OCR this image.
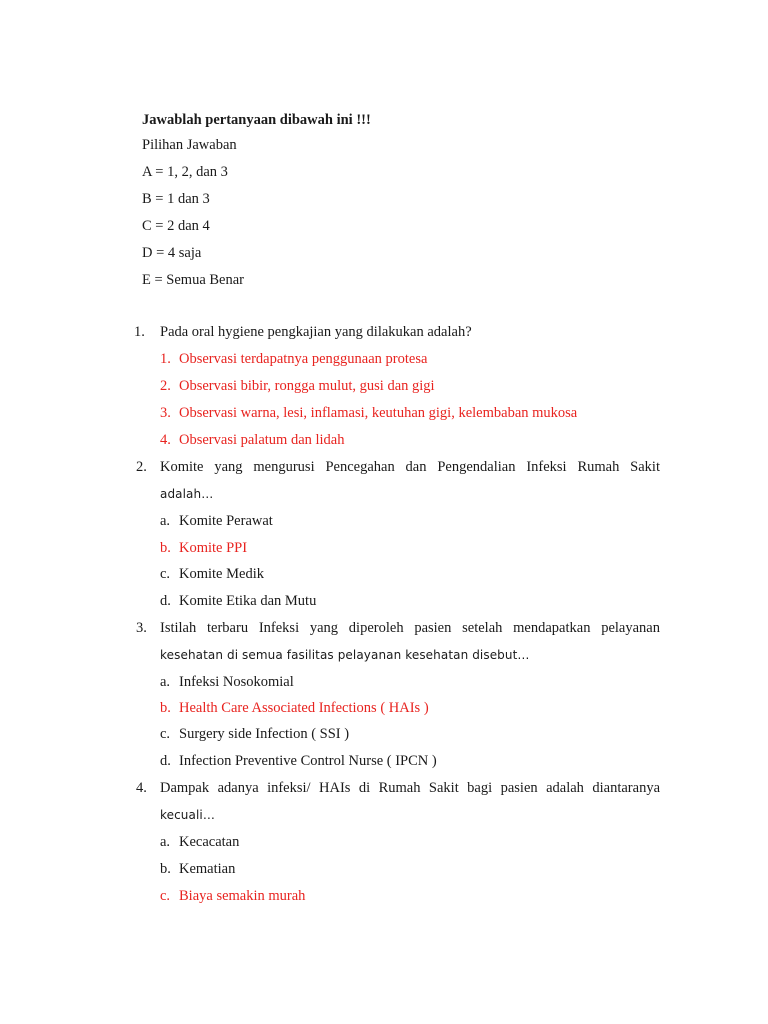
Jawablah pertanyaan dibawah ini !!!
Pilihan Jawaban
A = 1, 2, dan 3
B = 1 dan 3
C = 2 dan 4
D = 4 saja
E = Semua Benar
1. Pada oral hygiene pengkajian yang dilakukan adalah?
1. Observasi terdapatnya penggunaan protesa
2. Observasi bibir, rongga mulut, gusi dan gigi
3. Observasi warna, lesi, inflamasi, keutuhan gigi, kelembaban mukosa
4. Observasi palatum dan lidah
2. Komite yang mengurusi Pencegahan dan Pengendalian Infeksi Rumah Sakit
adalah…
a. Komite Perawat
b. Komite PPI
c. Komite Medik
d. Komite Etika dan Mutu
3. Istilah terbaru Infeksi yang diperoleh pasien setelah mendapatkan pelayanan
kesehatan di semua fasilitas pelayanan kesehatan disebut…
a. Infeksi Nosokomial
b. Health Care Associated Infections ( HAIs )
c. Surgery side Infection ( SSI )
d. Infection Preventive Control Nurse ( IPCN )
4. Dampak adanya infeksi/ HAIs di Rumah Sakit bagi pasien adalah diantaranya
kecuali…
a. Kecacatan
b. Kematian
c. Biaya semakin murah
